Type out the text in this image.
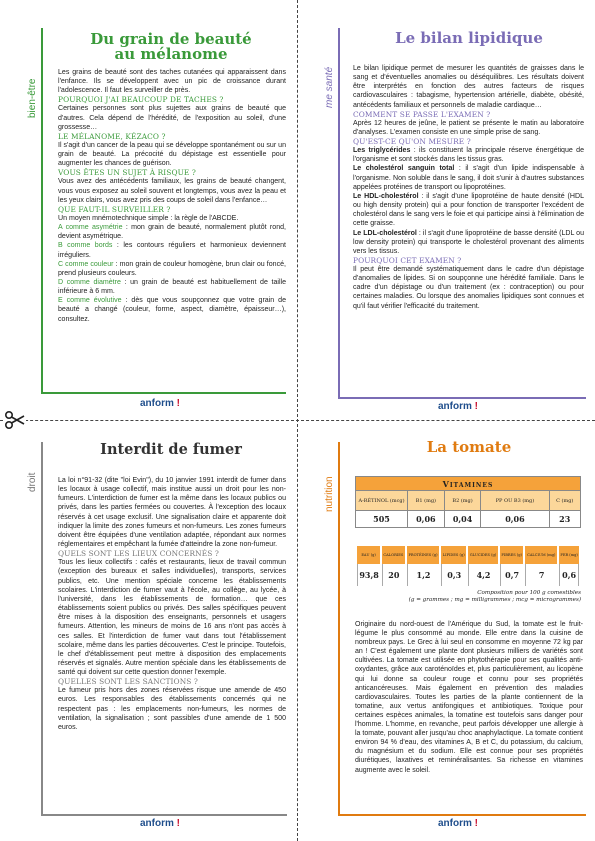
bien-être
Du grain de beauté
au mélanome

Les grains de beauté sont des taches cutanées qui apparaissent dans l'enfance. Ils se développent avec un pic de croissance durant l'adolescence. Il faut les surveiller de près.

POURQUOI J'AI BEAUCOUP DE TACHES ?

Certaines personnes sont plus sujettes aux grains de beauté que d'autres. Cela dépend de l'hérédité, de l'exposition au soleil, d'une grossesse…

LE MÉLANOME, KÉZACO ?

Il s'agit d'un cancer de la peau qui se développe spontanément ou sur un grain de beauté. La précocité du dépistage est essentielle pour augmenter les chances de guérison.

VOUS ÊTES UN SUJET À RISQUE ?

Vous avez des antécédents familiaux, les grains de beauté changent, vous vous exposez au soleil souvent et longtemps, vous avez la peau et les yeux clairs, vous avez pris des coups de soleil dans l'enfance…

QUE FAUT-IL SURVEILLER ?

Un moyen mnémotechnique simple : la règle de l'ABCDE.

A comme asymétrie : mon grain de beauté, normalement plutôt rond, devient asymétrique.

B comme bords : les contours réguliers et harmonieux deviennent irréguliers.

C comme couleur : mon grain de couleur homogène, brun clair ou foncé, prend plusieurs couleurs.

D comme diamètre : un grain de beauté est habituellement de taille inférieure à 6 mm.

E comme évolutive : dès que vous soupçonnez que votre grain de beauté a changé (couleur, forme, aspect, diamètre, épaisseur…), consultez.

anform !
me santé
Le bilan lipidique

Le bilan lipidique permet de mesurer les quantités de graisses dans le sang et d'éventuelles anomalies ou déséquilibres. Les résultats doivent être interprétés en fonction des autres facteurs de risques cardiovasculaires : tabagisme, hypertension artérielle, diabète, obésité, antécédents familiaux et personnels de maladie cardiaque…

COMMENT SE PASSE L'EXAMEN ?

Après 12 heures de jeûne, le patient se présente le matin au laboratoire d'analyses. L'examen consiste en une simple prise de sang.

QU'EST-CE QU'ON MESURE ?

Les triglycérides : ils constituent la principale réserve énergétique de l'organisme et sont stockés dans les tissus gras.

Le cholestérol sanguin total : il s'agit d'un lipide indispensable à l'organisme. Non soluble dans le sang, il doit s'unir à d'autres substances appelées protéines de transport ou lipoprotéines.

Le HDL-cholestérol : il s'agit d'une lipoprotéine de haute densité (HDL ou high density protein) qui a pour fonction de transporter l'excédent de cholestérol dans le sang vers le foie et qui participe ainsi à l'élimination de cette graisse.

Le LDL-cholestérol : il s'agit d'une lipoprotéine de basse densité (LDL ou low density protein) qui transporte le cholestérol provenant des aliments vers les tissus.

POURQUOI CET EXAMEN ?

Il peut être demandé systématiquement dans le cadre d'un dépistage d'anomalies de lipides. Si on soupçonne une hérédité familiale. Dans le cadre d'un dépistage ou d'un traitement (ex : contraception) ou pour certaines maladies. Ou lorsque des anomalies lipidiques sont connues et qu'il faut vérifier l'efficacité du traitement.

anform !
droit
Interdit de fumer

La loi n°91-32 (dite "loi Evin"), du 10 janvier 1991 interdit de fumer dans les locaux à usage collectif, mais institue aussi un droit pour les non-fumeurs. L'interdiction de fumer est la même dans les locaux publics ou privés, dans les parties fermées ou couvertes. À l'exception des locaux réservés à cet usage exclusif. Une signalisation claire et apparente doit indiquer la limite des zones fumeurs et non-fumeurs. Les zones fumeurs doivent être équipées d'une ventilation adaptée, répondant aux normes réglementaires et empêchant la fumée d'atteindre la zone non-fumeur.

QUELS SONT LES LIEUX CONCERNÉS ?

Tous les lieux collectifs : cafés et restaurants, lieux de travail commun (exception des bureaux et salles individuelles), transports, services publics, etc. Une mention spéciale concerne les établissements scolaires. L'interdiction de fumer vaut à l'école, au collège, au lycée, à l'université, dans les établissements de formation… que ces établissements soient publics ou privés. Des salles spécifiques peuvent être mises à la disposition des enseignants, personnels et usagers fumeurs. Attention, les mineurs de moins de 16 ans n'ont pas accès à ces salles. Et l'interdiction de fumer vaut dans tout l'établissement scolaire, même dans les parties découvertes. C'est le principe. Toutefois, le chef d'établissement peut mettre à disposition des emplacements réservés et signalés. Autre mention spéciale dans les établissements de santé qui doivent sur cette question donner l'exemple.

QUELLES SONT LES SANCTIONS ?

Le fumeur pris hors des zones réservées risque une amende de 450 euros. Les responsables des établissements concernés qui ne respectent pas : les emplacements non-fumeurs, les normes de ventilation, la signalisation ; sont passibles d'une amende de 1 500 euros.

anform !
nutrition
La tomate
Vitamines				
A-RÉTINOL (mcg)	B1 (mg)	B2 (mg)	PP OU B3 (mg)	C (mg)
505	0,06	0,04	0,06	23
EAU (g)	CALORIES	PROTÉINES (g)	LIPIDES (g)	GLUCIDES (g)	FIBRES (g)	CALCIUM (mg)	FER (mg)
93,8	20	1,2	0,3	4,2	0,7	7	0,6
Composition pour 100 g comestibles
(g = grammes ; mg = milligrammes ; mcg = microgrammes)

Originaire du nord-ouest de l'Amérique du Sud, la tomate est le fruit-légume le plus consommé au monde. Elle entre dans la cuisine de nombreux pays. Le Grec à lui seul en consomme en moyenne 72 kg par an ! C'est également une plante dont plusieurs milliers de variétés sont cultivées. La tomate est utilisée en phytothérapie pour ses qualités anti-oxydantes, grâce aux caroténoïdes et, plus particulièrement, au licopène qui lui donne sa couleur rouge et connu pour ses propriétés anticancéreuses. Mais également en prévention des maladies cardiovasculaires. Toutes les parties de la plante contiennent de la tomatine, aux vertus antifongiques et antibiotiques. Toxique pour certaines espèces animales, la tomatine est toutefois sans danger pour l'homme. L'homme, en revanche, peut parfois développer une allergie à la tomate, pouvant aller jusqu'au choc anaphylactique. La tomate contient environ 94 % d'eau, des vitamines A, B et C, du potassium, du calcium, du magnésium et du sodium. Elle est connue pour ses propriétés diurétiques, laxatives et reminéralisantes. Sa richesse en vitamines augmente avec le soleil.

anform !
